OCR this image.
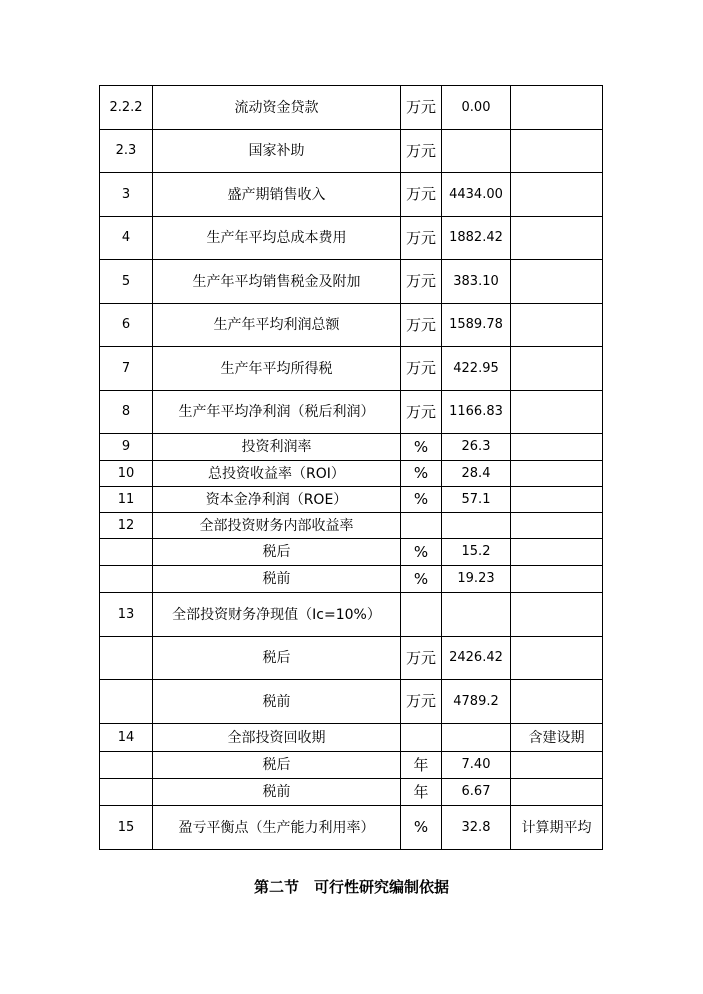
2.2.2	流动资金贷款	万元	0.00	
2.3	国家补助	万元		
3	盛产期销售收入	万元	4434.00	
4	生产年平均总成本费用	万元	1882.42	
5	生产年平均销售税金及附加	万元	383.10	
6	生产年平均利润总额	万元	1589.78	
7	生产年平均所得税	万元	422.95	
8	生产年平均净利润（税后利润）	万元	1166.83	
9	投资利润率	%	26.3	
10	总投资收益率（ROI）	%	28.4	
11	资本金净利润（ROE）	%	57.1	
12	全部投资财务内部收益率			
	税后	%	15.2	
	税前	%	19.23	
13	全部投资财务净现值（Ic=10%）			
	税后	万元	2426.42	
	税前	万元	4789.2	
14	全部投资回收期			含建设期
	税后	年	7.40	
	税前	年	6.67	
15	盈亏平衡点（生产能力利用率）	%	32.8	计算期平均
第二节　可行性研究编制依据
